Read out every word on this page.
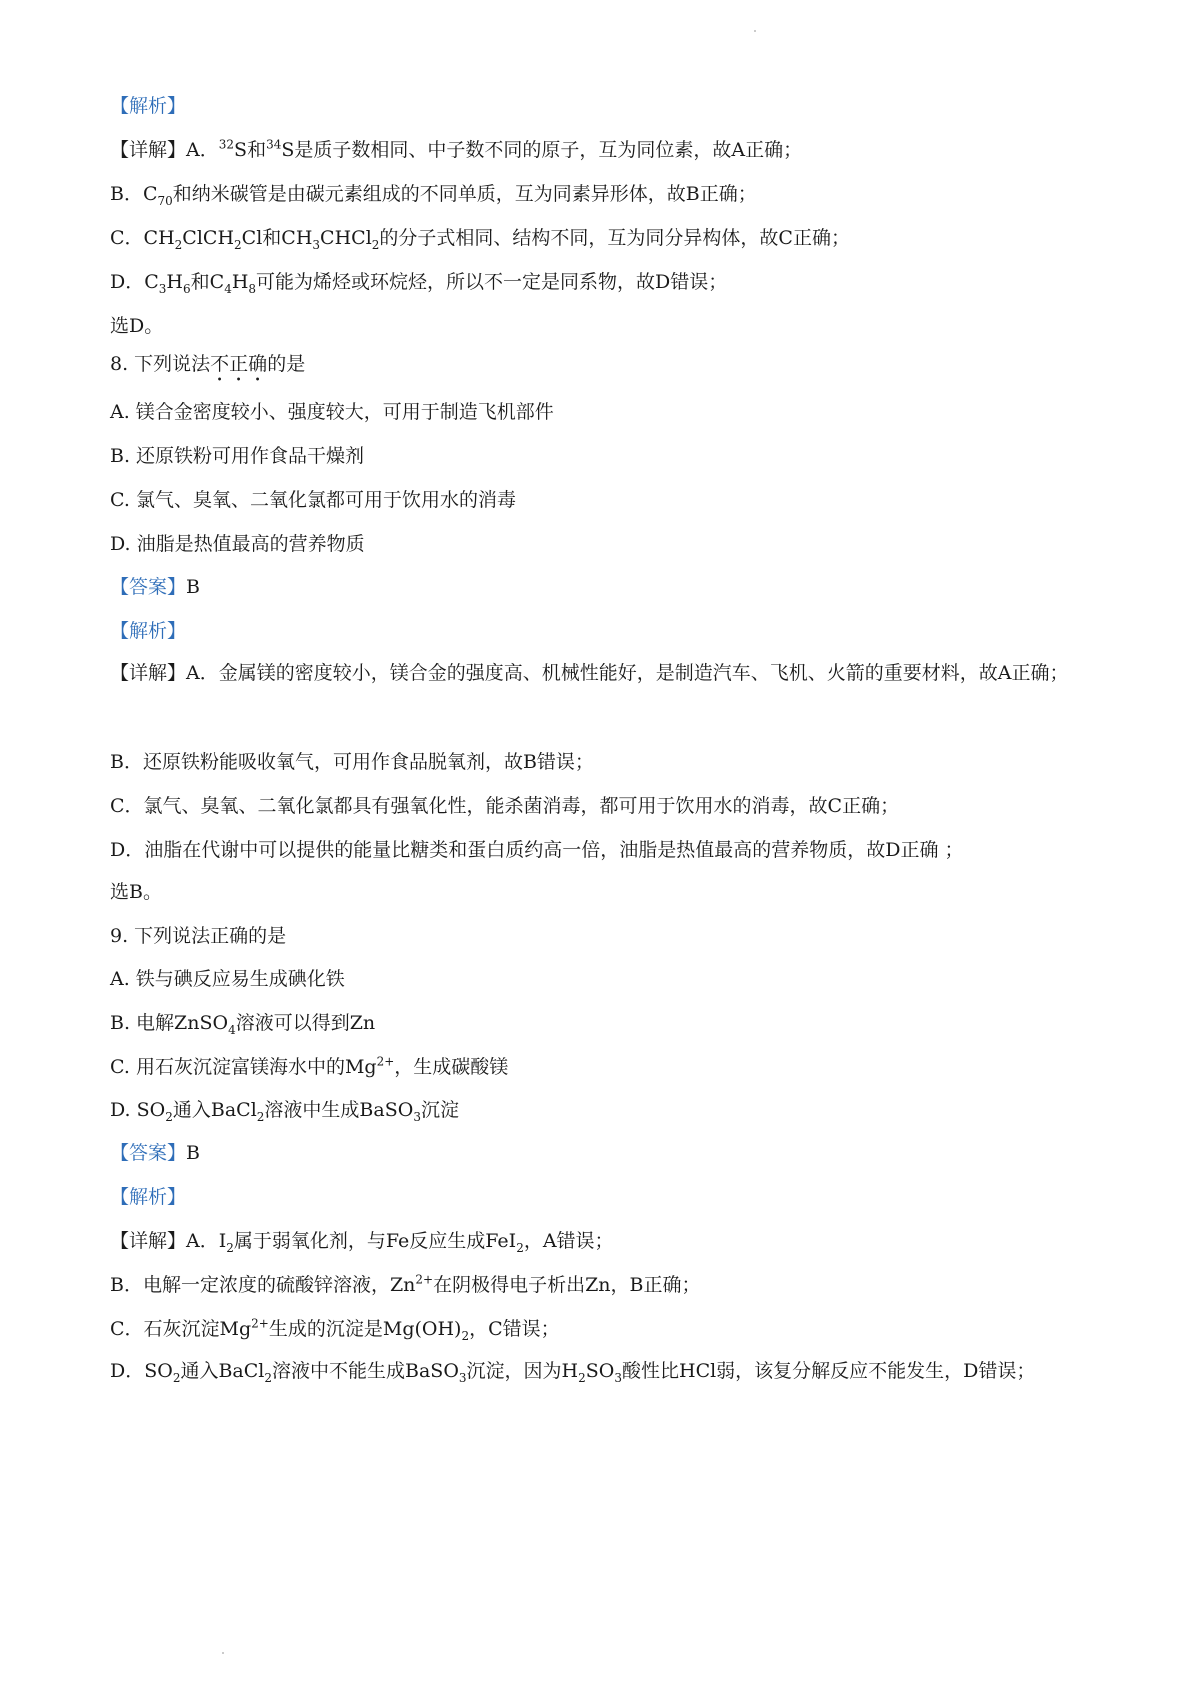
【解析】
【详解】A．$^{32}$S和$^{34}$S是质子数相同、中子数不同的原子，互为同位素，故A正确；
B．$C_{70}$和纳米碳管是由碳元素组成的不同单质，互为同素异形体，故B正确；
C．$CH_2ClCH_2Cl$和$CH_3CHCl_2$的分子式相同、结构不同，互为同分异构体，故C正确；
D．$C_3H_6$和$C_4H_8$可能为烯烃或环烷烃，所以不一定是同系物，故D错误；
选D。
8. 下列说法不正确的是
A. 镁合金密度较小、强度较大，可用于制造飞机部件
B. 还原铁粉可用作食品干燥剂
C. 氯气、臭氧、二氧化氯都可用于饮用水的消毒
D. 油脂是热值最高的营养物质
【答案】B
【解析】
【详解】A．金属镁的密度较小，镁合金的强度高、机械性能好，是制造汽车、飞机、火箭的重要材料，故A正确；
B．还原铁粉能吸收氧气，可用作食品脱氧剂，故B错误；
C．氯气、臭氧、二氧化氯都具有强氧化性，能杀菌消毒，都可用于饮用水的消毒，故C正确；
D．油脂在代谢中可以提供的能量比糖类和蛋白质约高一倍，油脂是热值最高的营养物质，故D正确 ；
选B。
9. 下列说法正确的是
A. 铁与碘反应易生成碘化铁
B. 电解ZnSO$_4$溶液可以得到Zn
C. 用石灰沉淀富镁海水中的$Mg^{2+}$，生成碳酸镁
D. $SO_2$通入BaCl$_2$溶液中生成BaSO$_3$沉淀
【答案】B
【解析】
【详解】A．$I_2$属于弱氧化剂，与Fe反应生成FeI$_2$，A错误；
B．电解一定浓度的硫酸锌溶液，$Zn^{2+}$在阴极得电子析出Zn，B正确；
C．石灰沉淀$Mg^{2+}$生成的沉淀是$Mg(OH)_2$，C错误；
D．$SO_2$通入BaCl$_2$溶液中不能生成BaSO$_3$沉淀，因为$H_2SO_3$酸性比HCl弱，该复分解反应不能发生，D错误；
